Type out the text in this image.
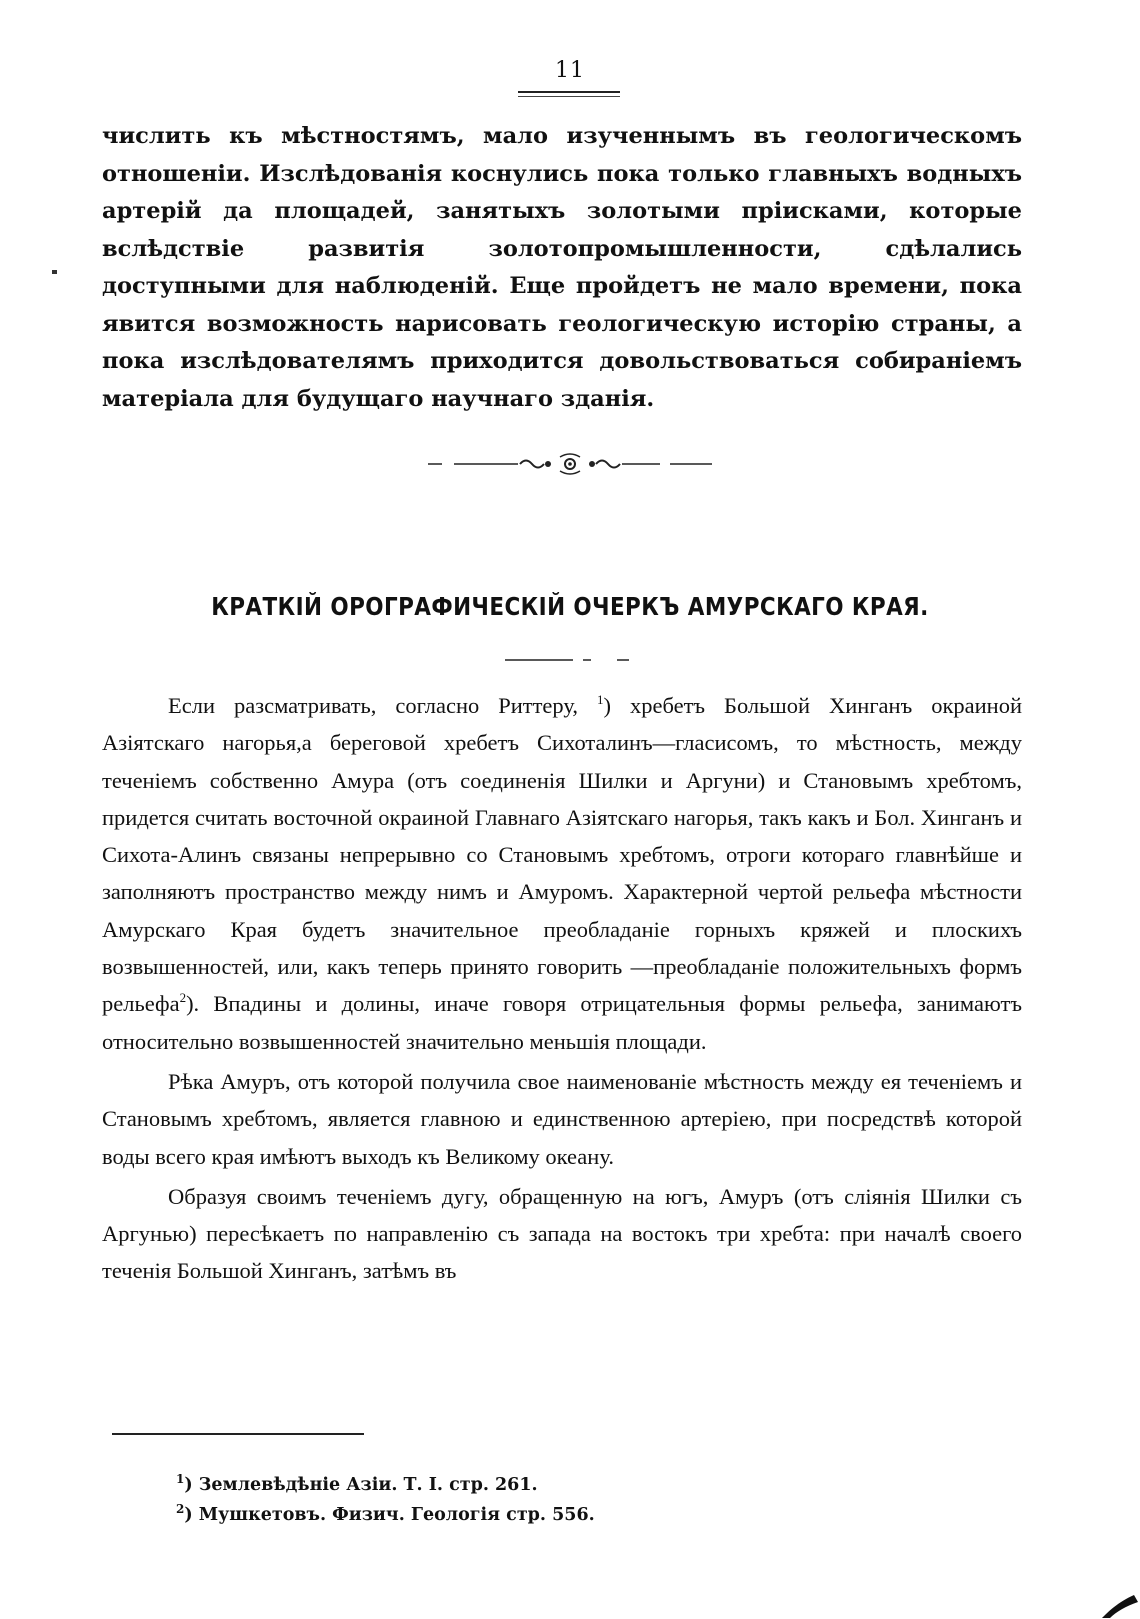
11
числить къ мѣстностямъ, мало изученнымъ въ геологическомъ отношеніи. Изслѣдованія коснулись пока только главныхъ водныхъ артерій да площадей, занятыхъ золотыми пріисками, которые вслѣдствіе развитія золотопромышленности, сдѣлались доступными для наблюденій. Еще пройдетъ не мало времени, пока явится возможность нарисовать геологическую исторію страны, а пока изслѣдователямъ приходится довольствоваться собираніемъ матеріала для будущаго научнаго зданія.
КРАТКІЙ ОРОГРАФИЧЕСКІЙ ОЧЕРКЪ АМУРСКАГО КРАЯ.

Если разсматривать, согласно Риттеру, $^1$) хребетъ Большой Хинганъ окраиной Азіятскаго нагорья,а береговой хребетъ Сихоталинъ—гласисомъ, то мѣстность, между теченіемъ собственно Амура (отъ соединенія Шилки и Аргуни) и Становымъ хребтомъ, придется считать восточной окраиной Главнаго Азіятскаго нагорья, такъ какъ и Бол. Хинганъ и Сихота-Алинъ связаны непрерывно со Становымъ хребтомъ, отроги котораго главнѣйше и заполняютъ пространство между нимъ и Амуромъ. Характерной чертой рельефа мѣстности Амурскаго Края будетъ значительное преобладаніе горныхъ кряжей и плоскихъ возвышенностей, или, какъ теперь принято говорить —преобладаніе положительныхъ формъ рельефа$^2$). Впадины и долины, иначе говоря отрицательныя формы рельефа, занимаютъ относительно возвышенностей значительно меньшія площади.

Рѣка Амуръ, отъ которой получила свое наименованіе мѣстность между ея теченіемъ и Становымъ хребтомъ, является главною и единственною артеріею, при посредствѣ которой воды всего края имѣютъ выходъ къ Великому океану.

Образуя своимъ теченіемъ дугу, обращенную на югъ, Амуръ (отъ сліянія Шилки съ Аргунью) пересѣкаетъ по направленію съ запада на востокъ три хребта: при началѣ своего теченія Большой Хинганъ, затѣмъ въ

$^1$) Землевѣдѣніе Азіи. Т. I. стр. 261.
$^2$) Мушкетовъ. Физич. Геологія стр. 556.
